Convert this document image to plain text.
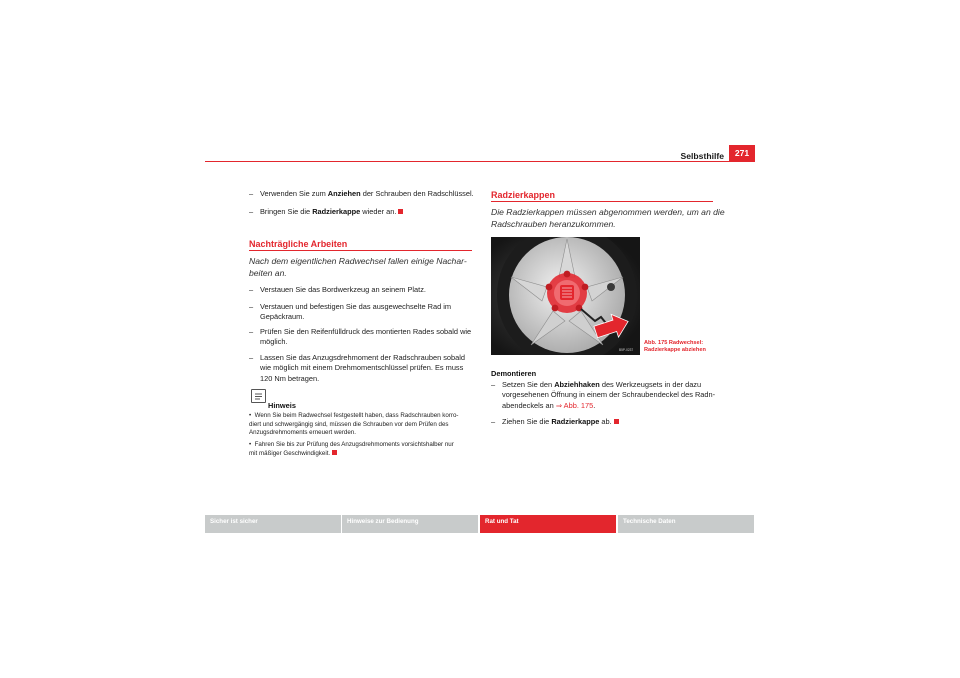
Selbsthilfe	271
– Verwenden Sie zum Anziehen der Schrauben den Radschlüssel.
– Bringen Sie die Radzierkappe wieder an.
Nachträgliche Arbeiten
Nach dem eigentlichen Radwechsel fallen einige Nachar-
beiten an.
– Verstauen Sie das Bordwerkzeug an seinem Platz.
– Verstauen und befestigen Sie das ausgewechselte Rad im
Gepäckraum.
– Prüfen Sie den Reifenfülldruck des montierten Rades sobald wie
möglich.
– Lassen Sie das Anzugsdrehmoment der Radschrauben sobald
wie möglich mit einem Drehmomentschlüssel prüfen. Es muss
120 Nm betragen.
Hinweis
• Wenn Sie beim Radwechsel festgestellt haben, dass Radschrauben korro-
diert und schwergängig sind, müssen die Schrauben vor dem Prüfen des
Anzugsdrehmoments erneuert werden.
• Fahren Sie bis zur Prüfung des Anzugsdrehmoments vorsichtshalber nur
mit mäßiger Geschwindigkeit.
Radzierkappen
Die Radzierkappen müssen abgenommen werden, um an die
Radschrauben heranzukommen.
B5P-0237
Abb. 175 Radwechsel:
Radzierkappe abziehen
Demontieren
– Setzen Sie den Abziehhaken des Werkzeugsets in der dazu
vorgesehenen Öffnung in einem der Schraubendeckel des Radn-
abendeckels an ⇒ Abb. 175.
– Ziehen Sie die Radzierkappe ab.
Sicher ist sicher	Hinweise zur Bedienung	Rat und Tat	Technische Daten
